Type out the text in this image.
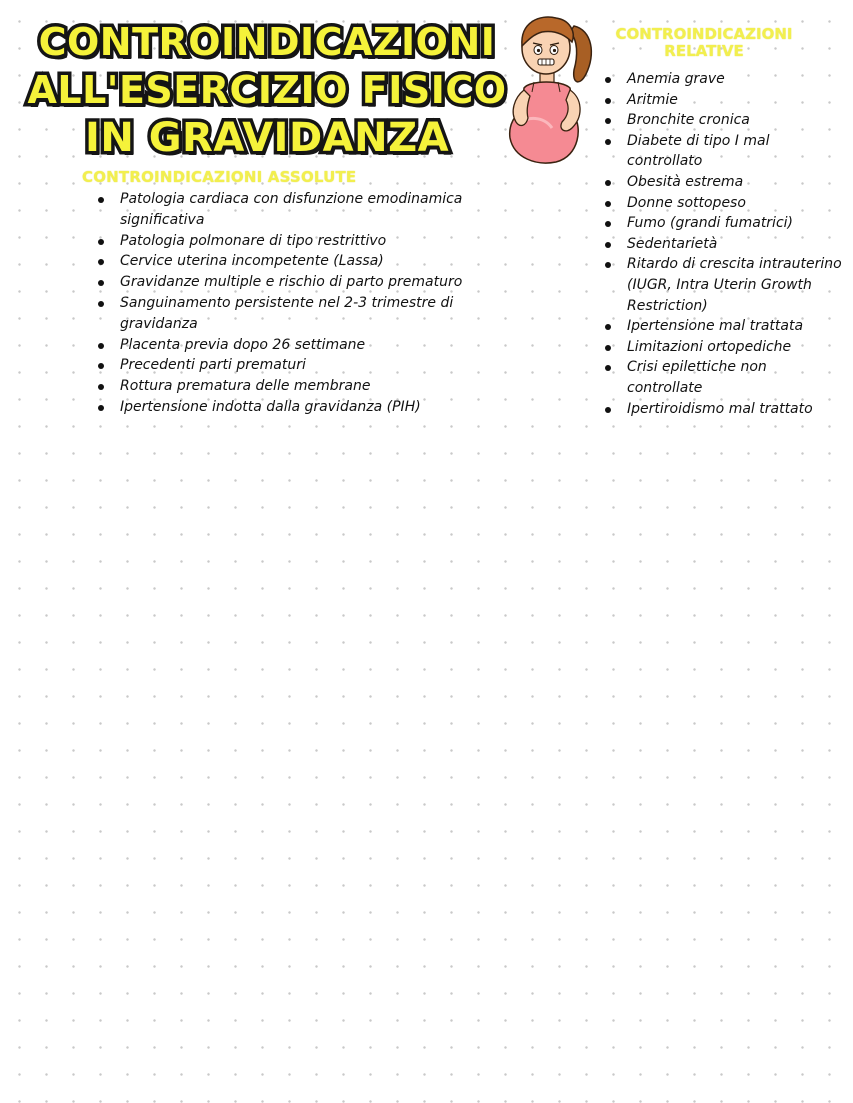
CONTROINDICAZIONI
ALL'ESERCIZIO FISICO
IN GRAVIDANZA
CONTROINDICAZIONI ASSOLUTE
Patologia cardiaca con disfunzione emodinamica significativa
Patologia polmonare di tipo restrittivo
Cervice uterina incompetente (Lassa)
Gravidanze multiple e rischio di parto prematuro
Sanguinamento persistente nel 2-3 trimestre di gravidanza
Placenta previa dopo 26 settimane
Precedenti parti prematuri
Rottura prematura delle membrane
Ipertensione indotta dalla gravidanza (PIH)
CONTROINDICAZIONI RELATIVE
Anemia grave
Aritmie
Bronchite cronica
Diabete di tipo I mal controllato
Obesità estrema
Donne sottopeso
Fumo (grandi fumatrici)
Sedentarietà
Ritardo di crescita intrauterino (IUGR, Intra Uterin Growth Restriction)
Ipertensione mal trattata
Limitazioni ortopediche
Crisi epilettiche non controllate
Ipertiroidismo mal trattato
